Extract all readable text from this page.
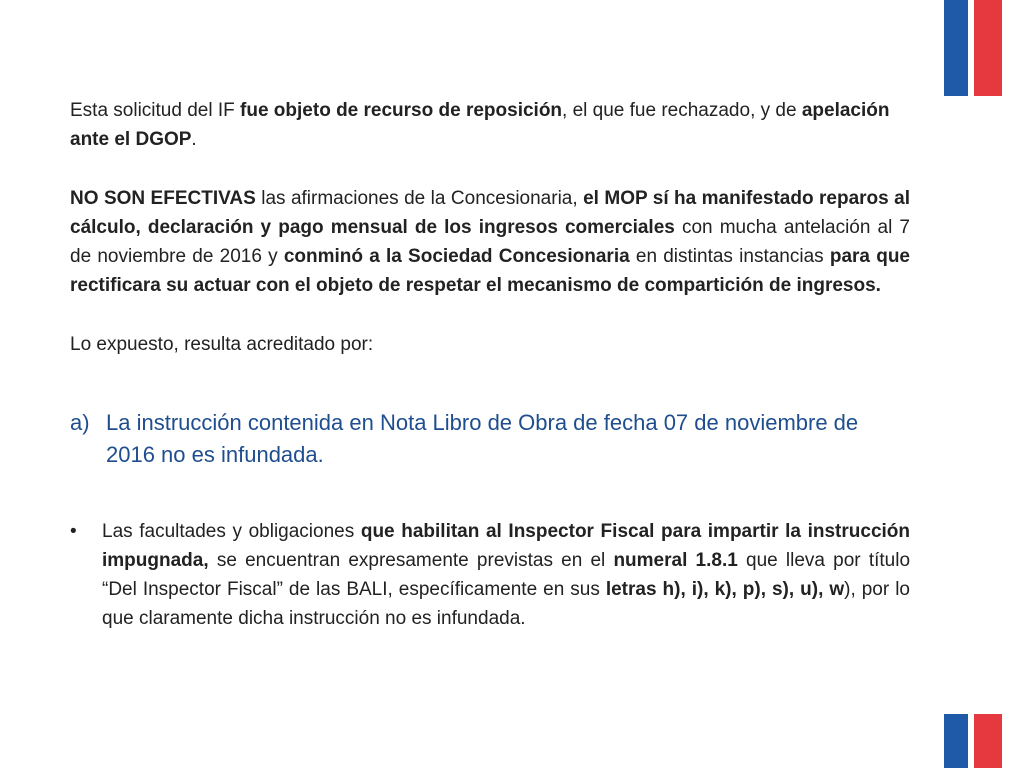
Esta solicitud del IF fue objeto de recurso de reposición, el que fue rechazado, y de apelación ante el DGOP.

NO SON EFECTIVAS las afirmaciones de la Concesionaria, el MOP sí ha manifestado reparos al cálculo, declaración y pago mensual de los ingresos comerciales con mucha antelación al 7 de noviembre de 2016 y conminó a la Sociedad Concesionaria en distintas instancias para que rectificara su actuar con el objeto de respetar el mecanismo de compartición de ingresos.

Lo expuesto, resulta acreditado por:

a) La instrucción contenida en Nota Libro de Obra de fecha 07 de noviembre de 2016 no es infundada.
•	Las facultades y obligaciones que habilitan al Inspector Fiscal para impartir la instrucción impugnada, se encuentran expresamente previstas en el numeral 1.8.1 que lleva por título “Del Inspector Fiscal” de las BALI, específicamente en sus letras h), i), k), p), s), u), w), por lo que claramente dicha instrucción no es infundada.
